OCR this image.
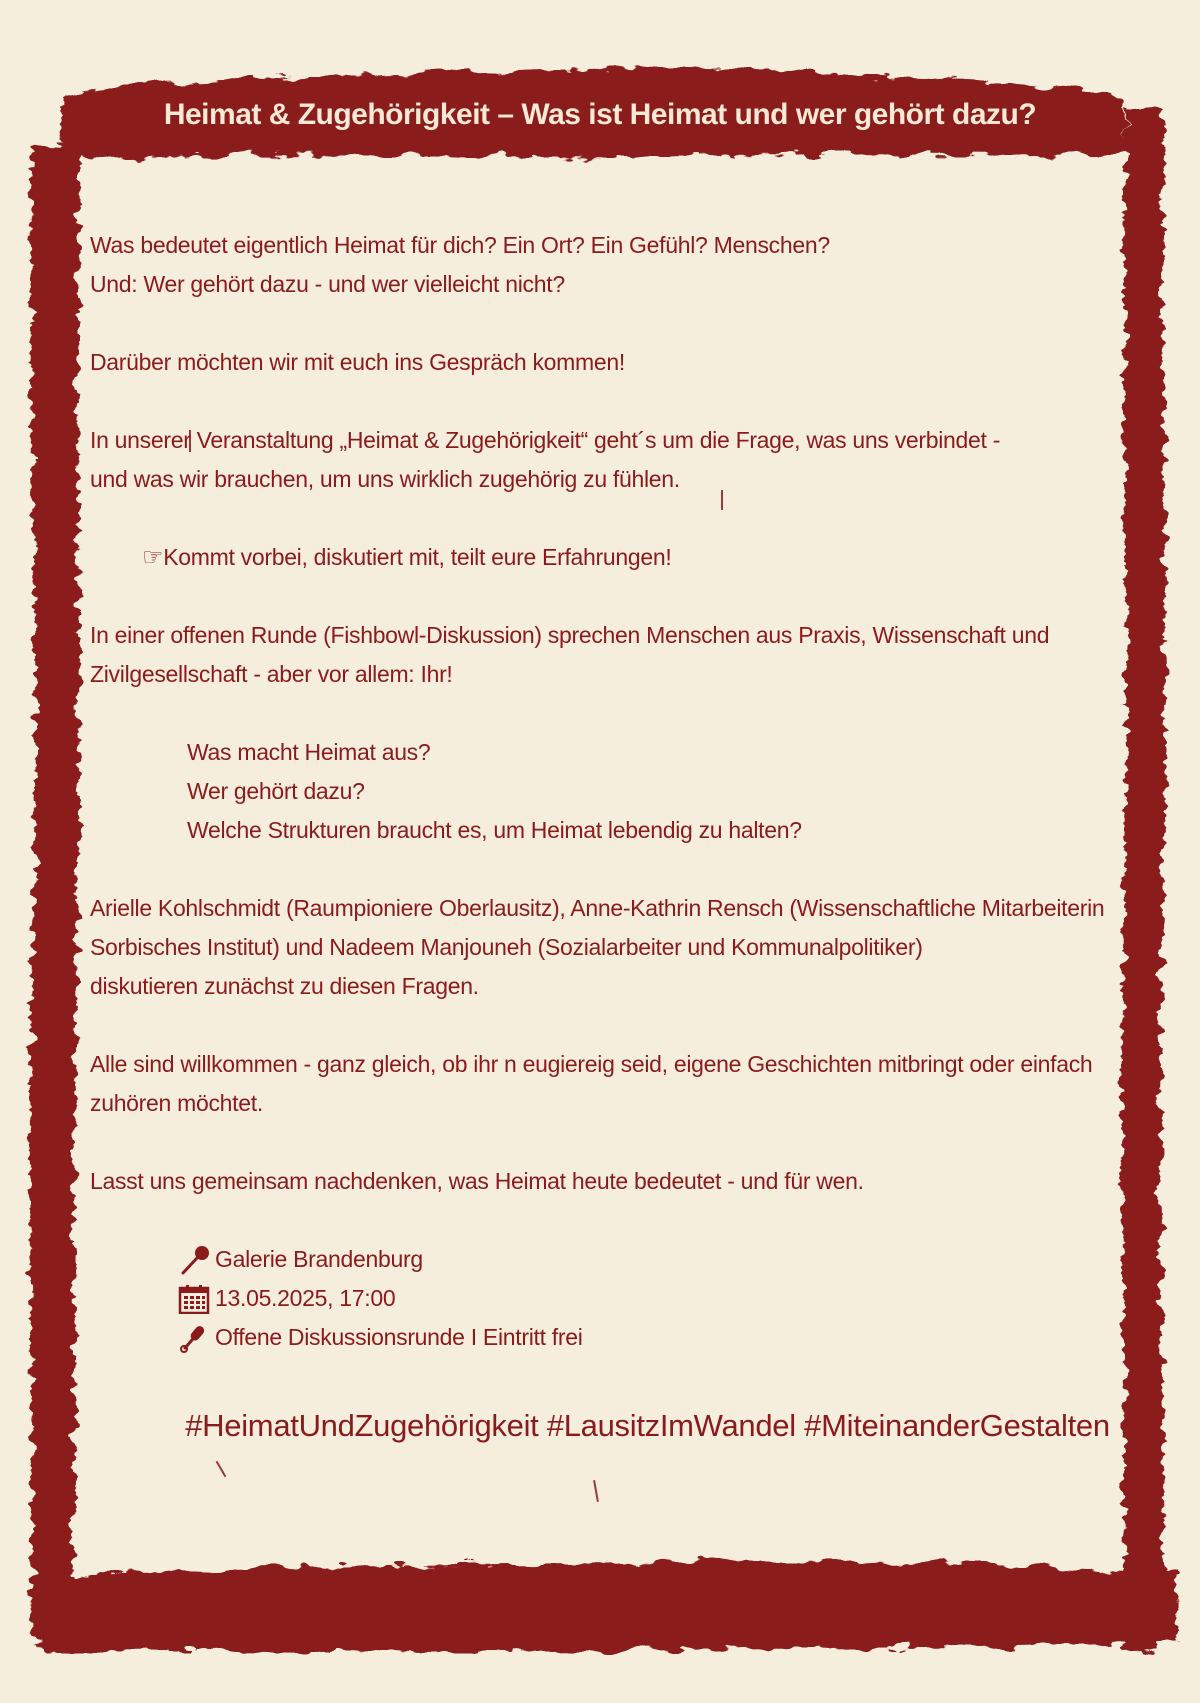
Heimat & Zugehörigkeit – Was ist Heimat und wer gehört dazu?

Was bedeutet eigentlich Heimat für dich? Ein Ort? Ein Gefühl? Menschen?

Und: Wer gehört dazu - und wer vielleicht nicht?

Darüber möchten wir mit euch ins Gespräch kommen!

In unserer Veranstaltung „Heimat & Zugehörigkeit“ geht´s um die Frage, was uns verbindet -

und was wir brauchen, um uns wirklich zugehörig zu fühlen.

☞Kommt vorbei, diskutiert mit, teilt eure Erfahrungen!

In einer offenen Runde (Fishbowl-Diskussion) sprechen Menschen aus Praxis, Wissenschaft und

Zivilgesellschaft - aber vor allem: Ihr!

Was macht Heimat aus?

Wer gehört dazu?

Welche Strukturen braucht es, um Heimat lebendig zu halten?

Arielle Kohlschmidt (Raumpioniere Oberlausitz), Anne-Kathrin Rensch (Wissenschaftliche Mitarbeiterin

Sorbisches Institut) und Nadeem Manjouneh (Sozialarbeiter und Kommunalpolitiker)

diskutieren zunächst zu diesen Fragen.

Alle sind willkommen - ganz gleich, ob ihr n eugiereig seid, eigene Geschichten mitbringt oder einfach

zuhören möchtet.

Lasst uns gemeinsam nachdenken, was Heimat heute bedeutet - und für wen.

Galerie Brandenburg
13.05.2025, 17:00
Offene Diskussionsrunde I Eintritt frei
#HeimatUndZugehörigkeit #LausitzImWandel #MiteinanderGestalten
